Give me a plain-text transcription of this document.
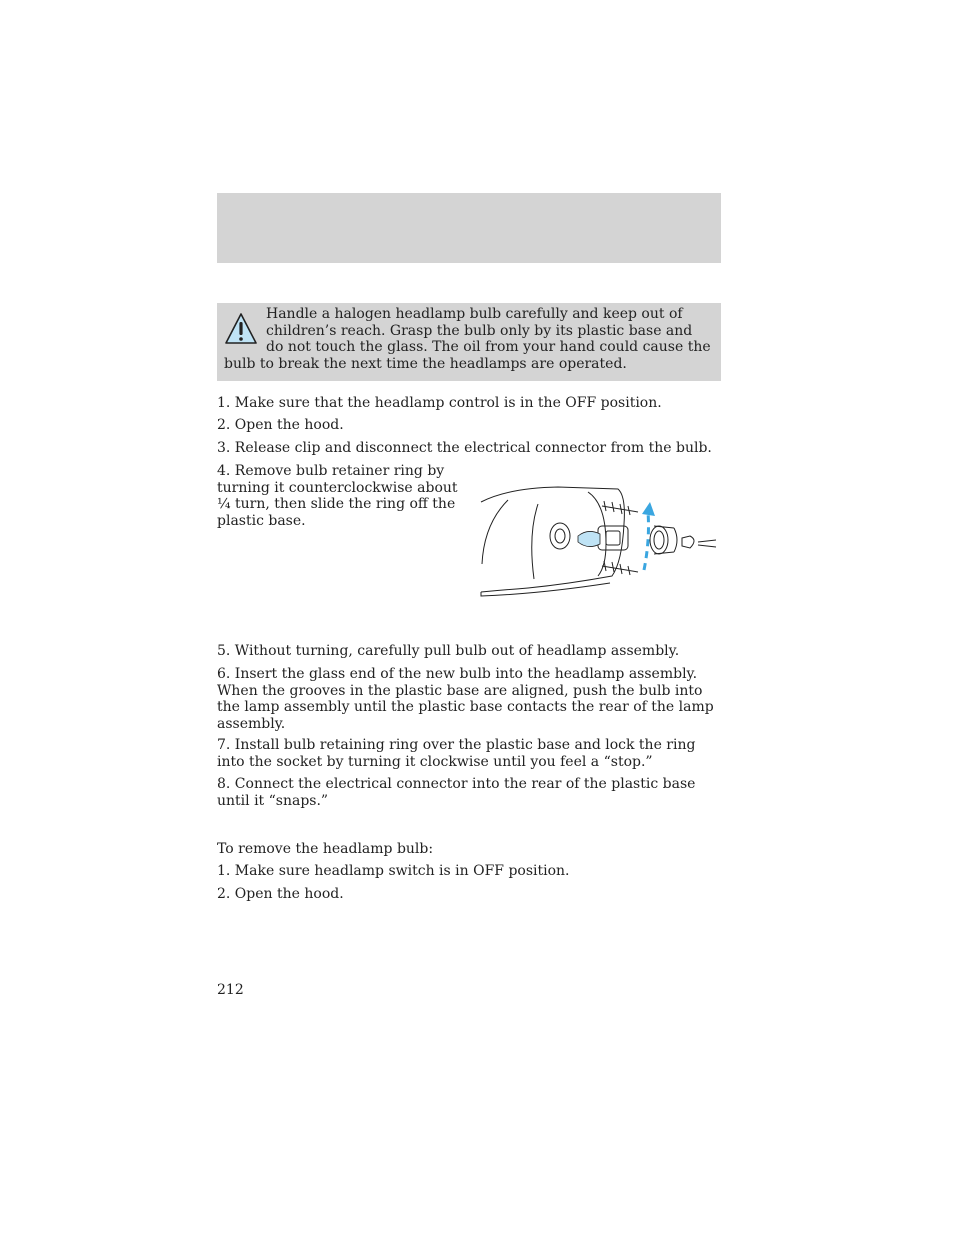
Handle a halogen headlamp bulb carefully and keep out of children’s reach. Grasp the bulb only by its plastic base and do not touch the glass. The oil from your hand could cause the bulb to break the next time the headlamps are operated.

1. Make sure that the headlamp control is in the OFF position.

2. Open the hood.

3. Release clip and disconnect the electrical connector from the bulb.

4. Remove bulb retainer ring by turning it counterclockwise about ¼ turn, then slide the ring off the plastic base.

5. Without turning, carefully pull bulb out of headlamp assembly.

6. Insert the glass end of the new bulb into the headlamp assembly. When the grooves in the plastic base are aligned, push the bulb into the lamp assembly until the plastic base contacts the rear of the lamp assembly.

7. Install bulb retaining ring over the plastic base and lock the ring into the socket by turning it clockwise until you feel a “stop.”

8. Connect the electrical connector into the rear of the plastic base until it “snaps.”

To remove the headlamp bulb:

1. Make sure headlamp switch is in OFF position.

2. Open the hood.

212
